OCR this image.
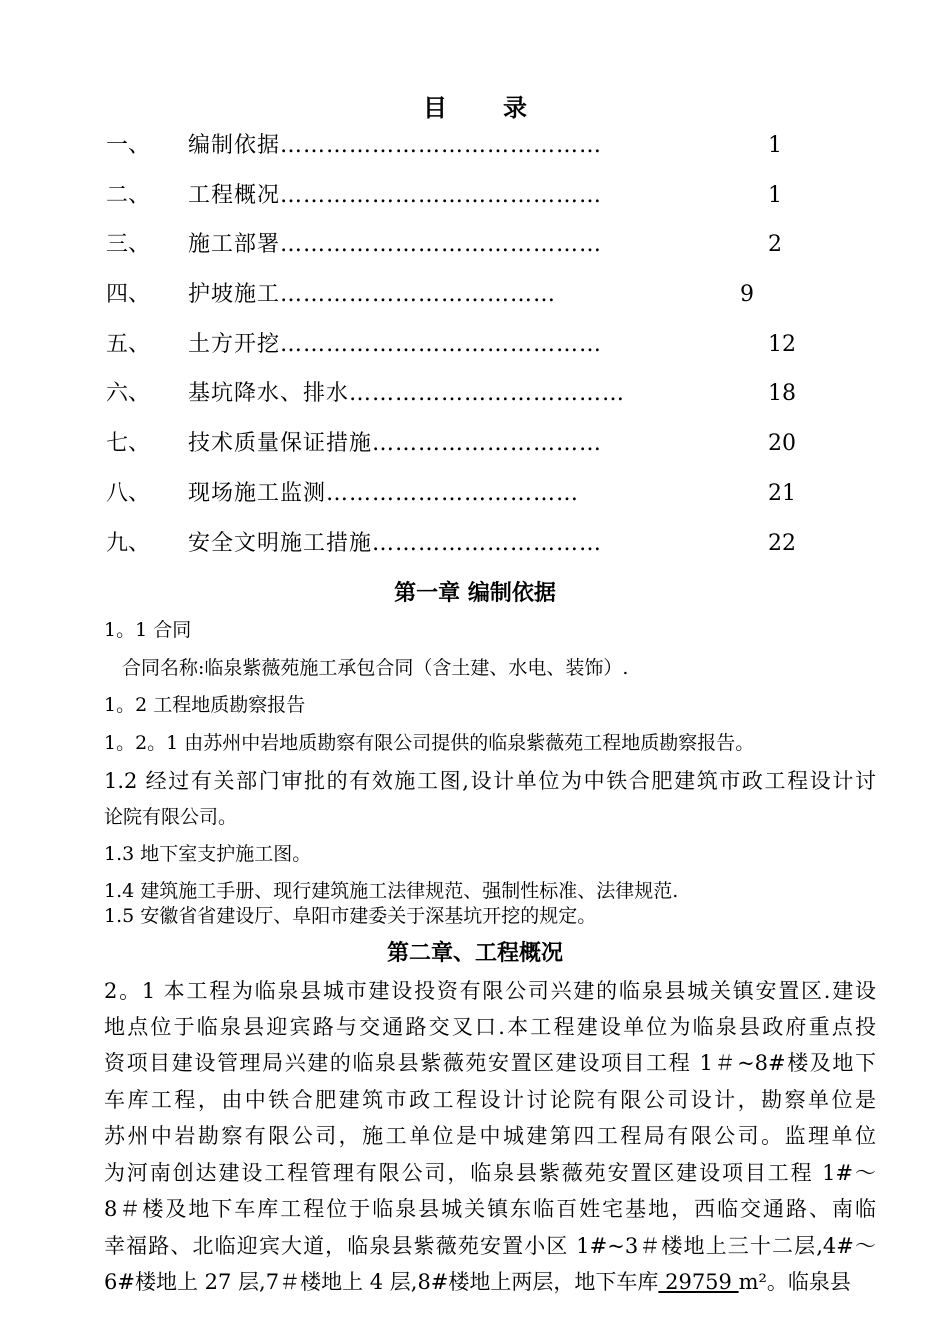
目录
一、 编制依据……………………………………	1
二、 工程概况……………………………………	1
三、 施工部署……………………………………	2
四、 护坡施工………………………………	9
五、 土方开挖……………………………………	12
六、 基坑降水、排水………………………………	18
七、 技术质量保证措施…………………………	20
八、 现场施工监测……………………………	21
九、 安全文明施工措施…………………………	22
第一章 编制依据
1。1 合同
合同名称:临泉紫薇苑施工承包合同（含土建、水电、装饰）.
1。2 工程地质勘察报告
1。2。1 由苏州中岩地质勘察有限公司提供的临泉紫薇苑工程地质勘察报告。
1.2 经过有关部门审批的有效施工图,设计单位为中铁合肥建筑市政工程设计讨
论院有限公司。
1.3 地下室支护施工图。
1.4 建筑施工手册、现行建筑施工法律规范、强制性标准、法律规范.
1.5 安徽省省建设厅、阜阳市建委关于深基坑开挖的规定。
第二章、工程概况
2。1 本工程为临泉县城市建设投资有限公司兴建的临泉县城关镇安置区.建设
地点位于临泉县迎宾路与交通路交叉口.本工程建设单位为临泉县政府重点投
资项目建设管理局兴建的临泉县紫薇苑安置区建设项目工程 1＃~8#楼及地下
车库工程，由中铁合肥建筑市政工程设计讨论院有限公司设计，勘察单位是
苏州中岩勘察有限公司，施工单位是中城建第四工程局有限公司。监理单位
为河南创达建设工程管理有限公司，临泉县紫薇苑安置区建设项目工程 1#～
8＃楼及地下车库工程位于临泉县城关镇东临百姓宅基地，西临交通路、南临
幸福路、北临迎宾大道，临泉县紫薇苑安置小区 1#~3＃楼地上三十二层,4#～
6#楼地上 27 层,7＃楼地上 4 层,8#楼地上两层，地下车库 29759 m²。临泉县
